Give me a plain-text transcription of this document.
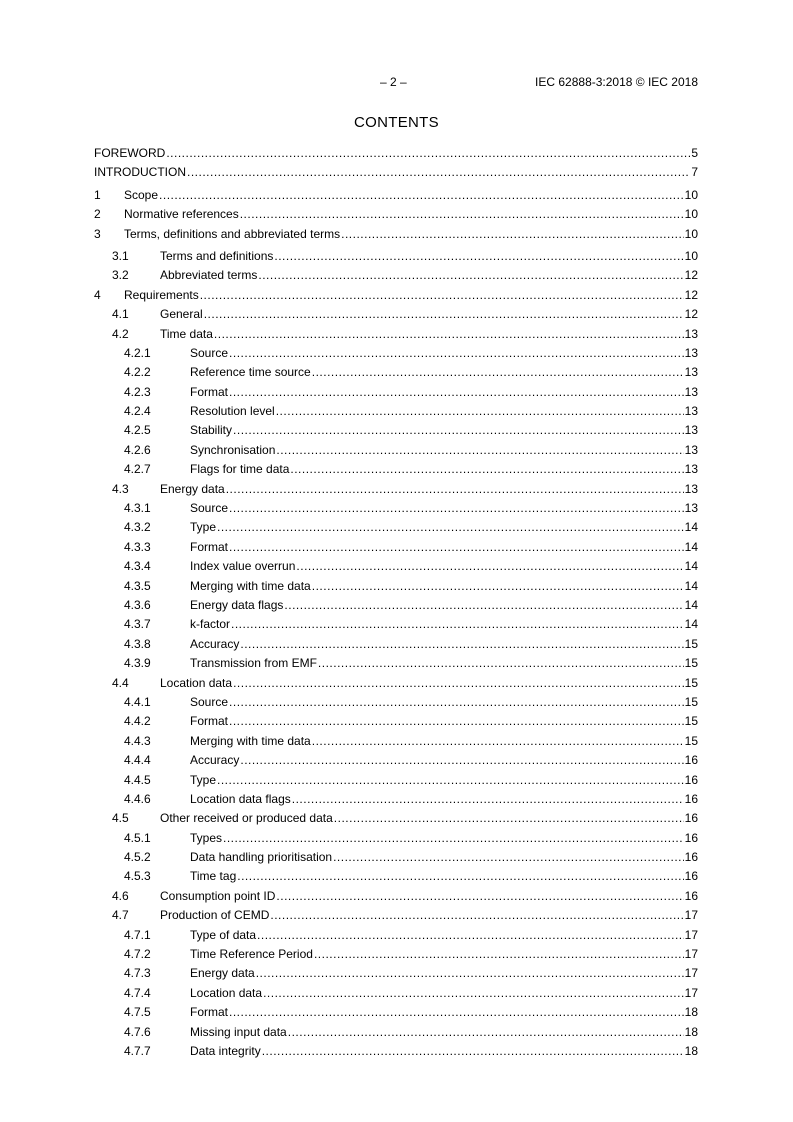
– 2 –	IEC 62888-3:2018 © IEC 2018
CONTENTS
FOREWORD .....	5
INTRODUCTION .....	7
1	Scope .....	10
2	Normative references .....	10
3	Terms, definitions and abbreviated terms .....	10
3.1	Terms and definitions .....	10
3.2	Abbreviated terms .....	12
4	Requirements .....	12
4.1	General .....	12
4.2	Time data .....	13
4.2.1	Source .....	13
4.2.2	Reference time source .....	13
4.2.3	Format .....	13
4.2.4	Resolution level .....	13
4.2.5	Stability .....	13
4.2.6	Synchronisation .....	13
4.2.7	Flags for time data .....	13
4.3	Energy data .....	13
4.3.1	Source .....	13
4.3.2	Type .....	14
4.3.3	Format .....	14
4.3.4	Index value overrun .....	14
4.3.5	Merging with time data .....	14
4.3.6	Energy data flags .....	14
4.3.7	k-factor .....	14
4.3.8	Accuracy .....	15
4.3.9	Transmission from EMF .....	15
4.4	Location data .....	15
4.4.1	Source .....	15
4.4.2	Format .....	15
4.4.3	Merging with time data .....	15
4.4.4	Accuracy .....	16
4.4.5	Type .....	16
4.4.6	Location data flags .....	16
4.5	Other received or produced data .....	16
4.5.1	Types .....	16
4.5.2	Data handling prioritisation .....	16
4.5.3	Time tag .....	16
4.6	Consumption point ID .....	16
4.7	Production of CEMD .....	17
4.7.1	Type of data .....	17
4.7.2	Time Reference Period .....	17
4.7.3	Energy data .....	17
4.7.4	Location data .....	17
4.7.5	Format .....	18
4.7.6	Missing input data .....	18
4.7.7	Data integrity .....	18
